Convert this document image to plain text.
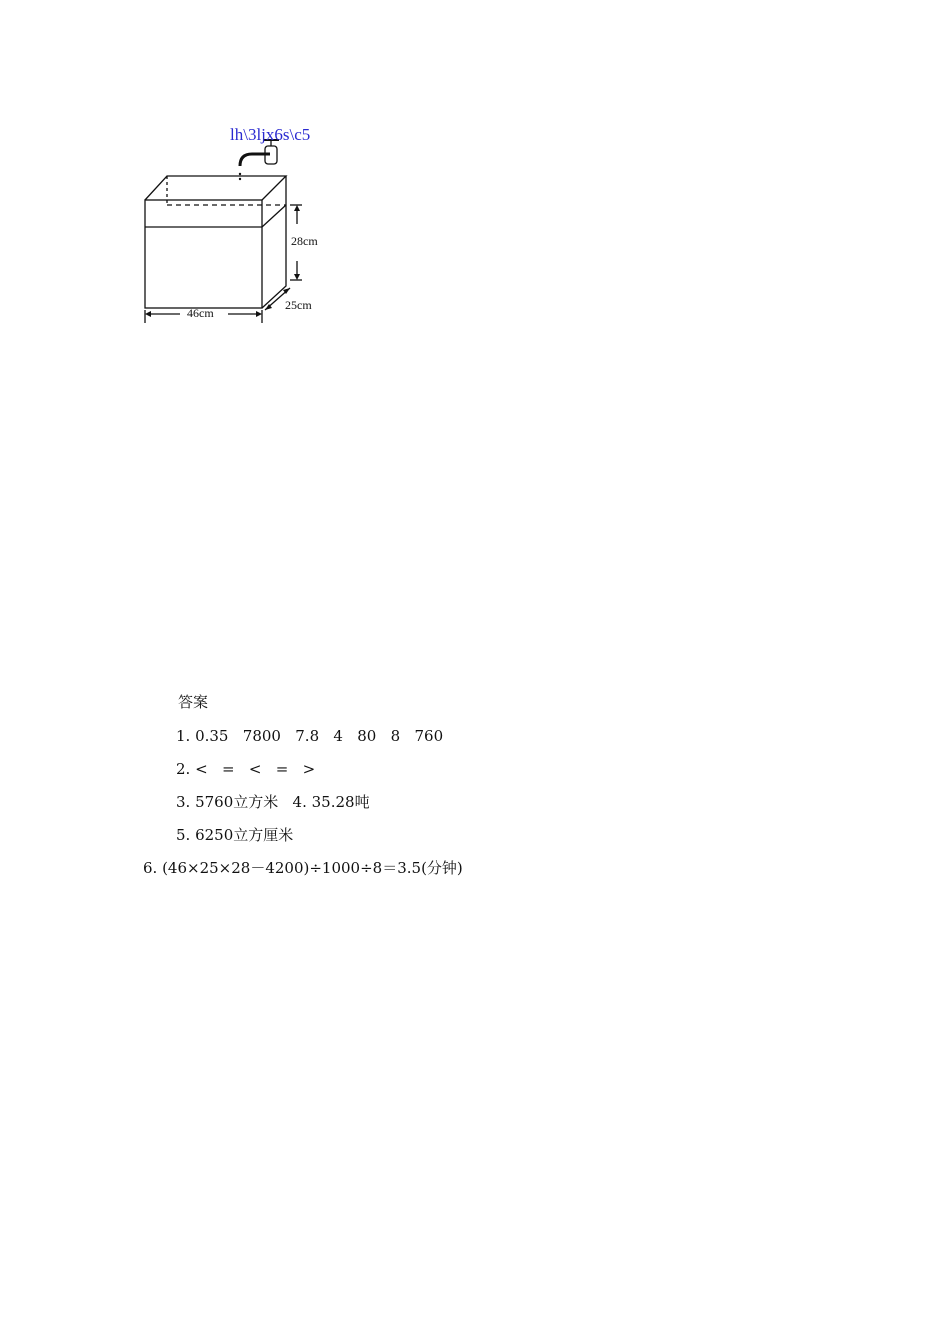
lh\3ljx6s\c5
28cm
46cm
25cm
答案
1. 0.35   7800   7.8   4   80   8   760
2. <   =   <   =   >
3. 5760立方米   4. 35.28吨
5. 6250立方厘米
6. (46×25×28－4200)÷1000÷8＝3.5(分钟)
